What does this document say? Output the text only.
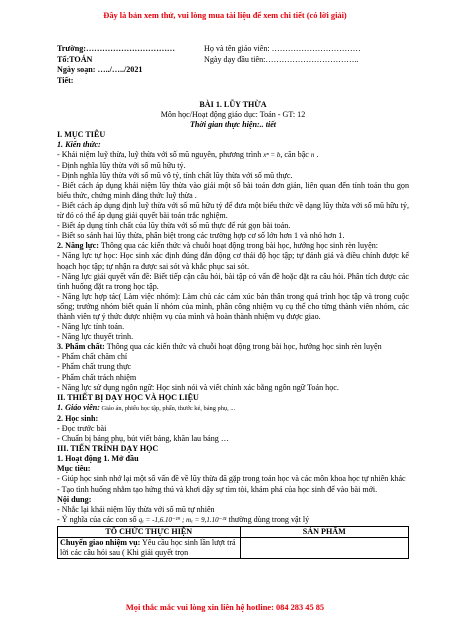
Đây là bản xem thử, vui lòng mua tài liệu để xem chi tiết (có lời giải)
Trường:……………………………	Họ và tên giáo viên: ……………………………
Tổ:TOÁN	Ngày dạy đầu tiên:……………………………..
Ngày soạn: …../…../2021
Tiết:
BÀI 1. LŨY THỪA
Môn học/Hoạt động giáo dục: Toán - GT: 12
Thời gian thực hiện:.. tiết
I. MỤC TIÊU
1. Kiến thức:

- Khái niệm luỹ thừa, luỹ thừa với số mũ nguyên, phương trình xⁿ = b, căn bậc n .

- Định nghĩa lũy thừa với số mũ hữu tỷ.

- Định nghĩa lũy thừa với số mũ vô tỷ, tính chất lũy thừa với số mũ thực.

- Biết cách áp dụng khái niệm lũy thừa vào giải một số bài toán đơn giản, liên quan đến tính toán thu gọn biểu thức, chứng minh đẳng thức luỹ thừa .

- Biết cách áp dụng định luỹ thừa với số mũ hữu tỷ để đưa một biểu thức về dạng lũy thừa với số mũ hữu tỷ, từ đó có thể áp dụng giải quyết bài toán trắc nghiệm.

- Biết áp dụng tính chất của lũy thừa với số mũ thực để rút gọn bài toán.

- Biết so sánh hai lũy thừa, phân biệt trong các trường hợp cơ số lớn hơn 1 và nhỏ hơn 1.

2. Năng lực: Thông qua các kiến thức và chuỗi hoạt động trong bài học, hướng học sinh rèn luyện:

- Năng lực tự học: Học sinh xác định đúng đắn động cơ thái độ học tập; tự đánh giá và điều chỉnh được kế hoạch học tập; tự nhận ra được sai sót và khắc phục sai sót.

- Năng lực giải quyết vấn đề: Biết tiếp cận câu hỏi, bài tập có vấn đề hoặc đặt ra câu hỏi. Phân tích được các tình huống đặt ra trong học tập.

- Năng lực hợp tác( Làm việc nhóm): Làm chủ các cảm xúc bản thân trong quá trình học tập và trong cuộc sống; trưởng nhóm biết quản lí nhóm của mình, phân công nhiệm vụ cụ thể cho từng thành viên nhóm, các thành viên tự ý thức được nhiệm vụ của mình và hoàn thành nhiệm vụ được giao.

- Năng lực tính toán.

- Năng lực thuyết trình.

3. Phẩm chất: Thông qua các kiến thức và chuỗi hoạt động trong bài học, hướng học sinh rèn luyện

- Phẩm chất chăm chỉ

- Phẩm chất trung thực

- Phẩm chất trách nhiệm

- Năng lực sử dụng ngôn ngữ: Học sinh nói và viết chính xác bằng ngôn ngữ Toán học.

II. THIẾT BỊ DẠY HỌC VÀ HỌC LIỆU

1. Giáo viên: Giáo án, phiếu học tập, phấn, thước kẻ, bảng phụ, ...

2. Học sinh:

- Đọc trước bài

- Chuẩn bị bảng phụ, bút viết bảng, khăn lau bảng …

III. TIẾN TRÌNH DẠY HỌC
1. Hoạt động 1. Mở đầu
Mục tiêu:

- Giúp học sinh nhớ lại một số vấn đề về lũy thừa đã gặp trong toán học và các môn khoa học tự nhiên khác

- Tạo tình huống nhằm tạo hứng thú và khơi dậy sự tìm tòi, khám phá của học sinh để vào bài mới.

Nội dung:

- Nhắc lại khái niệm lũy thừa với số mũ tự nhiên

- Ý nghĩa của các con số qₑ = -1,6.10⁻¹⁹ ; mₑ = 9,1.10⁻³¹ thường dùng trong vật lý

TỔ CHỨC THỰC HIỆN	SẢN PHẨM
Chuyển giao nhiệm vụ: Yêu cầu học sinh lần lượt trả lời các câu hỏi sau ( Khi giải quyết trọn	
Mọi thắc mắc vui lòng xin liên hệ hotline: 084 283 45 85
